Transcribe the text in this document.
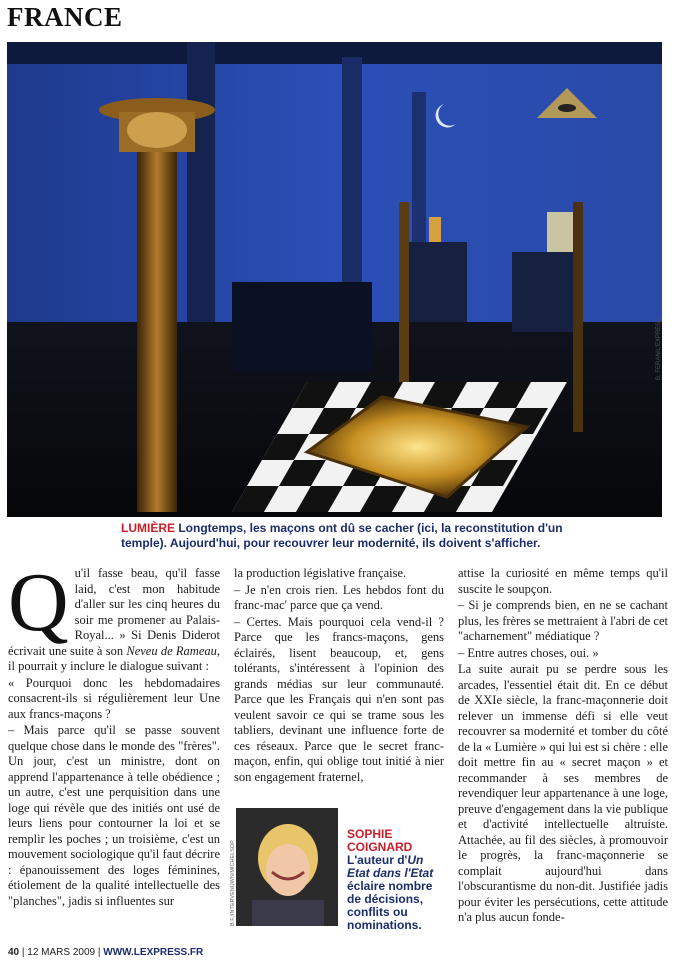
FRANCE
B. FERAN/L'EXPRESS
LUMIÈRE Longtemps, les maçons ont dû se cacher (ici, la reconstitution d'un temple). Aujourd'hui, pour recouvrer leur modernité, ils doivent s'afficher.

Qu'il fasse beau, qu'il fasse laid, c'est mon habitude d'aller sur les cinq heures du soir me promener au Palais-Royal... » Si Denis Diderot écrivait une suite à son Neveu de Rameau, il pourrait y inclure le dialogue suivant :

« Pourquoi donc les hebdomadaires consacrent-ils si régulièrement leur Une aux francs-maçons ?

– Mais parce qu'il se passe souvent quelque chose dans le monde des "frères". Un jour, c'est un ministre, dont on apprend l'appartenance à telle obédience ; un autre, c'est une perquisition dans une loge qui révèle que des initiés ont usé de leurs liens pour contourner la loi et se remplir les poches ; un troisième, c'est un mouvement sociologique qu'il faut décrire : épanouissement des loges féminines, étiolement de la qualité intellectuelle des "planches", jadis si influentes sur

la production législative française.

– Je n'en crois rien. Les hebdos font du franc-mac' parce que ça vend.

– Certes. Mais pourquoi cela vend-il ? Parce que les francs-maçons, gens éclairés, lisent beaucoup, et, gens tolérants, s'intéressent à l'opinion des grands médias sur leur communauté. Parce que les Français qui n'en sont pas veulent savoir ce qui se trame sous les tabliers, devinant une influence forte de ces réseaux. Parce que le secret franc-maçon, enfin, qui oblige tout initié à nier son engagement fraternel,

attise la curiosité en même temps qu'il suscite le soupçon.

– Si je comprends bien, en ne se cachant plus, les frères se mettraient à l'abri de cet "acharnement" médiatique ?

– Entre autres choses, oui. »

La suite aurait pu se perdre sous les arcades, l'essentiel était dit. En ce début de XXIe siècle, la franc-maçonnerie doit relever un immense défi si elle veut recouvrer sa modernité et tomber du côté de la « Lumière » qui lui est si chère : elle doit mettre fin au « secret maçon » et recommander à ses membres de revendiquer leur appartenance à une loge, preuve d'engagement dans la vie publique et d'activité intellectuelle altruiste. Attachée, au fil des siècles, à promouvoir le progrès, la franc-maçonnerie se complait aujourd'hui dans l'obscurantisme du non-dit. Justifiée jadis pour éviter les persécutions, cette attitude n'a plus aucun fonde-

B.F./INTERVENUWN/MICHELSOP
SOPHIE COIGNARD
L'auteur d'Un Etat dans l'Etat éclaire nombre de décisions, conflits ou nominations.
40 | 12 MARS 2009 | WWW.LEXPRESS.FR
